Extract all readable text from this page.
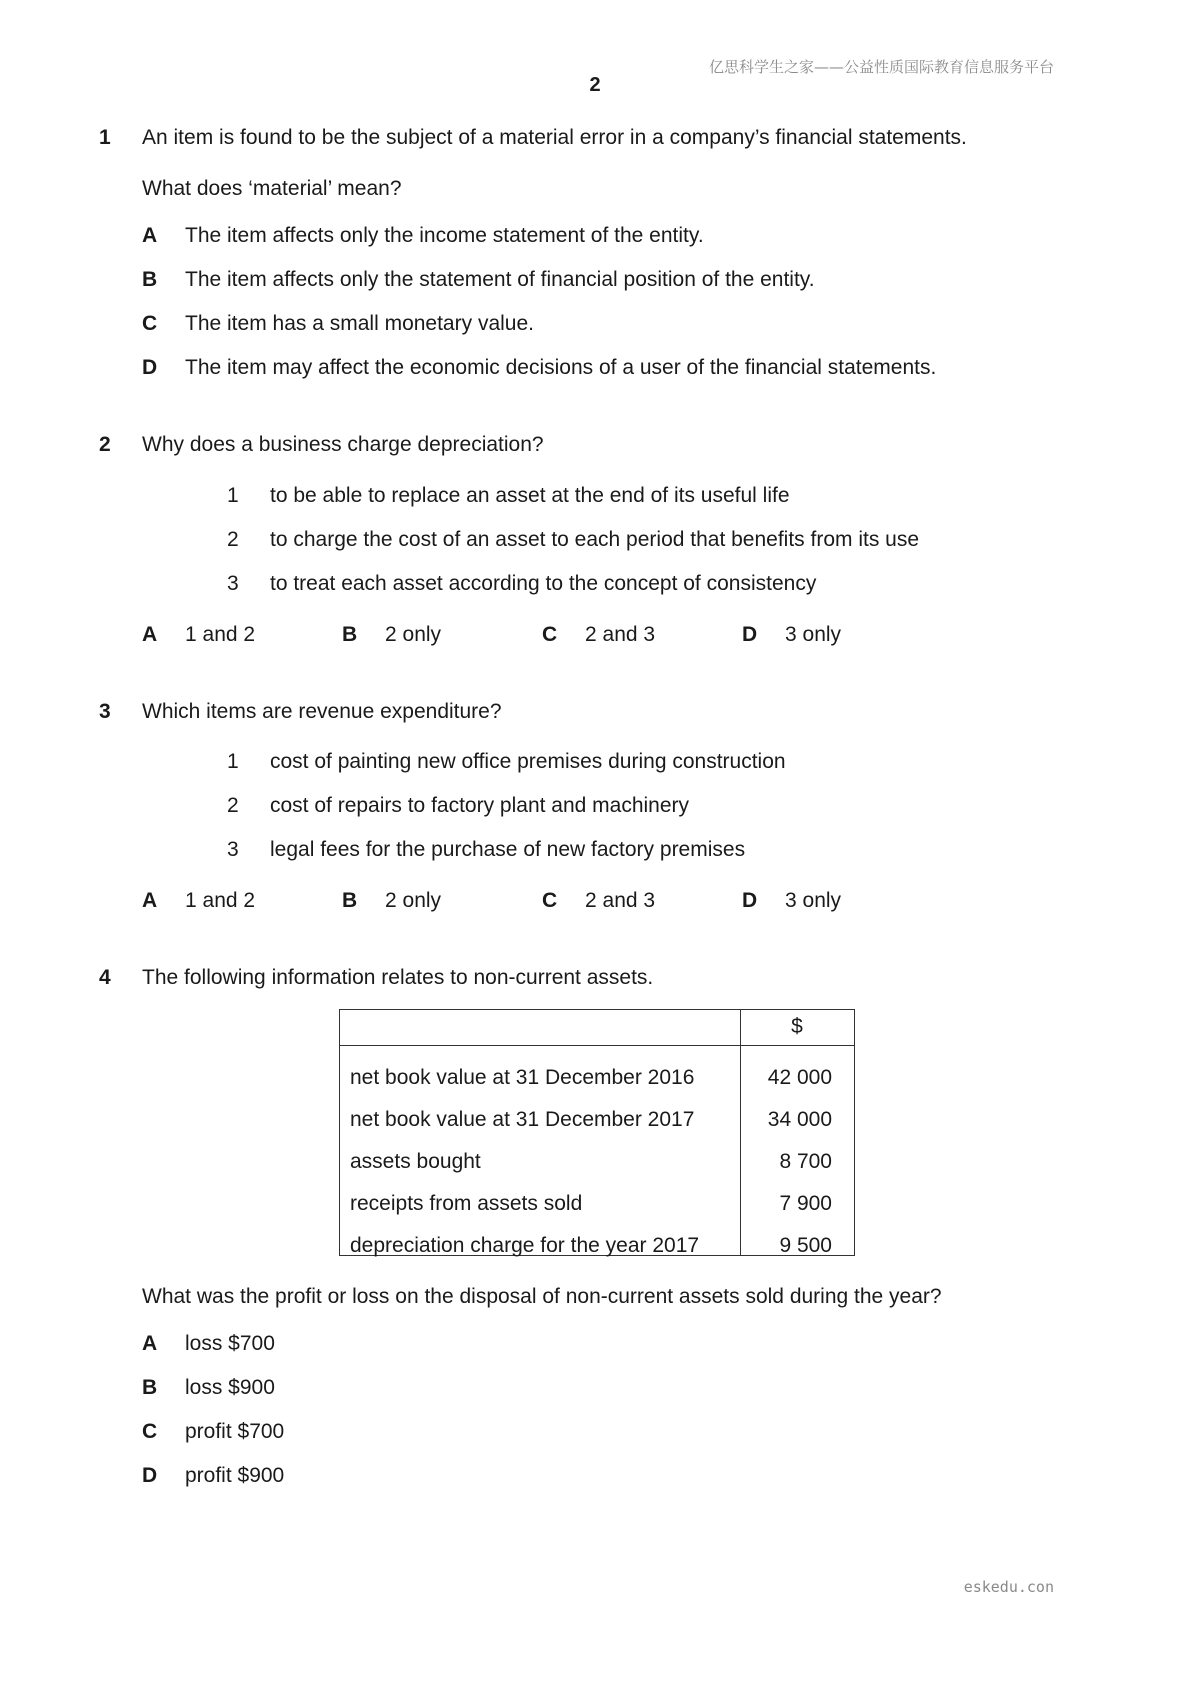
亿思科学生之家——公益性质国际教育信息服务平台
2
1 An item is found to be the subject of a material error in a company’s financial statements.
What does ‘material’ mean?
A The item affects only the income statement of the entity.
B The item affects only the statement of financial position of the entity.
C The item has a small monetary value.
D The item may affect the economic decisions of a user of the financial statements.
2 Why does a business charge depreciation?
1 to be able to replace an asset at the end of its useful life
2 to charge the cost of an asset to each period that benefits from its use
3 to treat each asset according to the concept of consistency
A 1 and 2	B 2 only	C 2 and 3	D 3 only
3 Which items are revenue expenditure?
1 cost of painting new office premises during construction
2 cost of repairs to factory plant and machinery
3 legal fees for the purchase of new factory premises
A 1 and 2	B 2 only	C 2 and 3	D 3 only
4 The following information relates to non-current assets.
$
net book value at 31 December 2016	42 000
net book value at 31 December 2017	34 000
assets bought	8 700
receipts from assets sold	7 900
depreciation charge for the year 2017	9 500
What was the profit or loss on the disposal of non-current assets sold during the year?
A loss $700
B loss $900
C profit $700
D profit $900
eskedu.con
